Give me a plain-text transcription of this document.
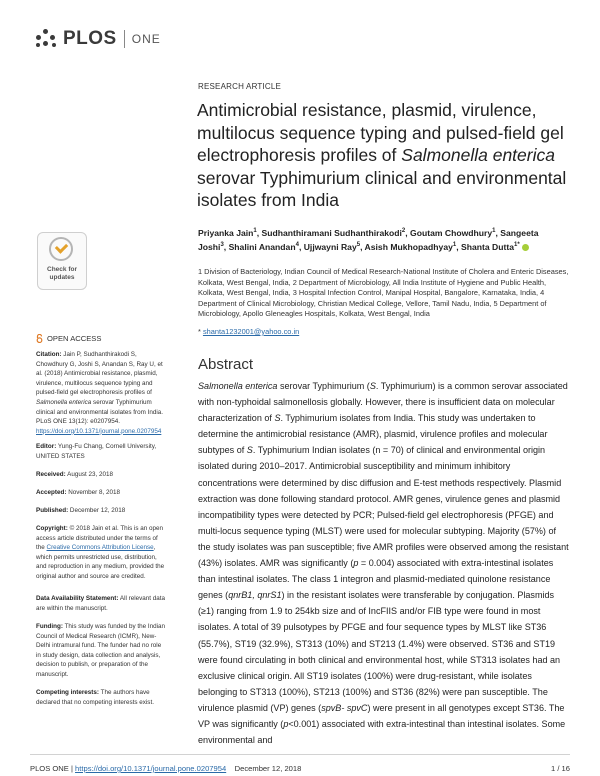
PLOS ONE
RESEARCH ARTICLE
Antimicrobial resistance, plasmid, virulence, multilocus sequence typing and pulsed-field gel electrophoresis profiles of Salmonella enterica serovar Typhimurium clinical and environmental isolates from India
Priyanka Jain$^1$, Sudhanthiramani Sudhanthirakodi$^2$, Goutam Chowdhury$^1$, Sangeeta Joshi$^3$, Shalini Anandan$^4$, Ujjwayni Ray$^5$, Asish Mukhopadhyay$^1$, Shanta Dutta$^{1*}$
1 Division of Bacteriology, Indian Council of Medical Research-National Institute of Cholera and Enteric Diseases, Kolkata, West Bengal, India, 2 Department of Microbiology, All India Institute of Hygiene and Public Health, Kolkata, West Bengal, India, 3 Hospital Infection Control, Manipal Hospital, Bangalore, Karnataka, India, 4 Department of Clinical Microbiology, Christian Medical College, Vellore, Tamil Nadu, India, 5 Department of Microbiology, Apollo Gleneagles Hospitals, Kolkata, West Bengal, India
* shanta1232001@yahoo.co.in
Abstract
Salmonella enterica serovar Typhimurium (S. Typhimurium) is a common serovar associated with non-typhoidal salmonellosis globally. However, there is insufficient data on molecular characterization of S. Typhimurium isolates from India. This study was undertaken to determine the antimicrobial resistance (AMR), plasmid, virulence profiles and molecular subtypes of S. Typhimurium Indian isolates (n = 70) of clinical and environmental origin isolated during 2010–2017. Antimicrobial susceptibility and minimum inhibitory concentrations were determined by disc diffusion and E-test methods respectively. Plasmid extraction was done following standard protocol. AMR genes, virulence genes and plasmid incompatibility types were detected by PCR; Pulsed-field gel electrophoresis (PFGE) and multi-locus sequence typing (MLST) were used for molecular subtyping. Majority (57%) of the study isolates was pan susceptible; five AMR profiles were observed among the resistant (43%) isolates. AMR was significantly (p = 0.004) associated with extra-intestinal isolates than intestinal isolates. The class 1 integron and plasmid-mediated quinolone resistance genes (qnrB1, qnrS1) in the resistant isolates were transferable by conjugation. Plasmids (≥1) ranging from 1.9 to 254kb size and of IncFIIS and/or FIB type were found in most isolates. A total of 39 pulsotypes by PFGE and four sequence types by MLST like ST36 (55.7%), ST19 (32.9%), ST313 (10%) and ST213 (1.4%) were observed. ST36 and ST19 were found circulating in both clinical and environmental host, while ST313 isolates had an exclusive clinical origin. All ST19 isolates (100%) were drug-resistant, while isolates belonging to ST313 (100%), ST213 (100%) and ST36 (82%) were pan susceptible. The virulence plasmid (VP) genes (spvB- spvC) were present in all genotypes except ST36. The VP was significantly (p<0.001) associated with extra-intestinal than intestinal isolates. Some environmental and
Check for
updates
OPEN ACCESS
Citation: Jain P, Sudhanthirakodi S, Chowdhury G, Joshi S, Anandan S, Ray U, et al. (2018) Antimicrobial resistance, plasmid, virulence, multilocus sequence typing and pulsed-field gel electrophoresis profiles of Salmonella enterica serovar Typhimurium clinical and environmental isolates from India. PLoS ONE 13(12): e0207954. https://doi.org/10.1371/journal.pone.0207954
Editor: Yung-Fu Chang, Cornell University, UNITED STATES
Received: August 23, 2018
Accepted: November 8, 2018
Published: December 12, 2018
Copyright: © 2018 Jain et al. This is an open access article distributed under the terms of the Creative Commons Attribution License, which permits unrestricted use, distribution, and reproduction in any medium, provided the original author and source are credited.
Data Availability Statement: All relevant data are within the manuscript.
Funding: This study was funded by the Indian Council of Medical Research (ICMR), New-Delhi intramural fund. The funder had no role in study design, data collection and analysis, decision to publish, or preparation of the manuscript.
Competing interests: The authors have declared that no competing interests exist.
PLOS ONE | https://doi.org/10.1371/journal.pone.0207954 December 12, 2018	1 / 16
